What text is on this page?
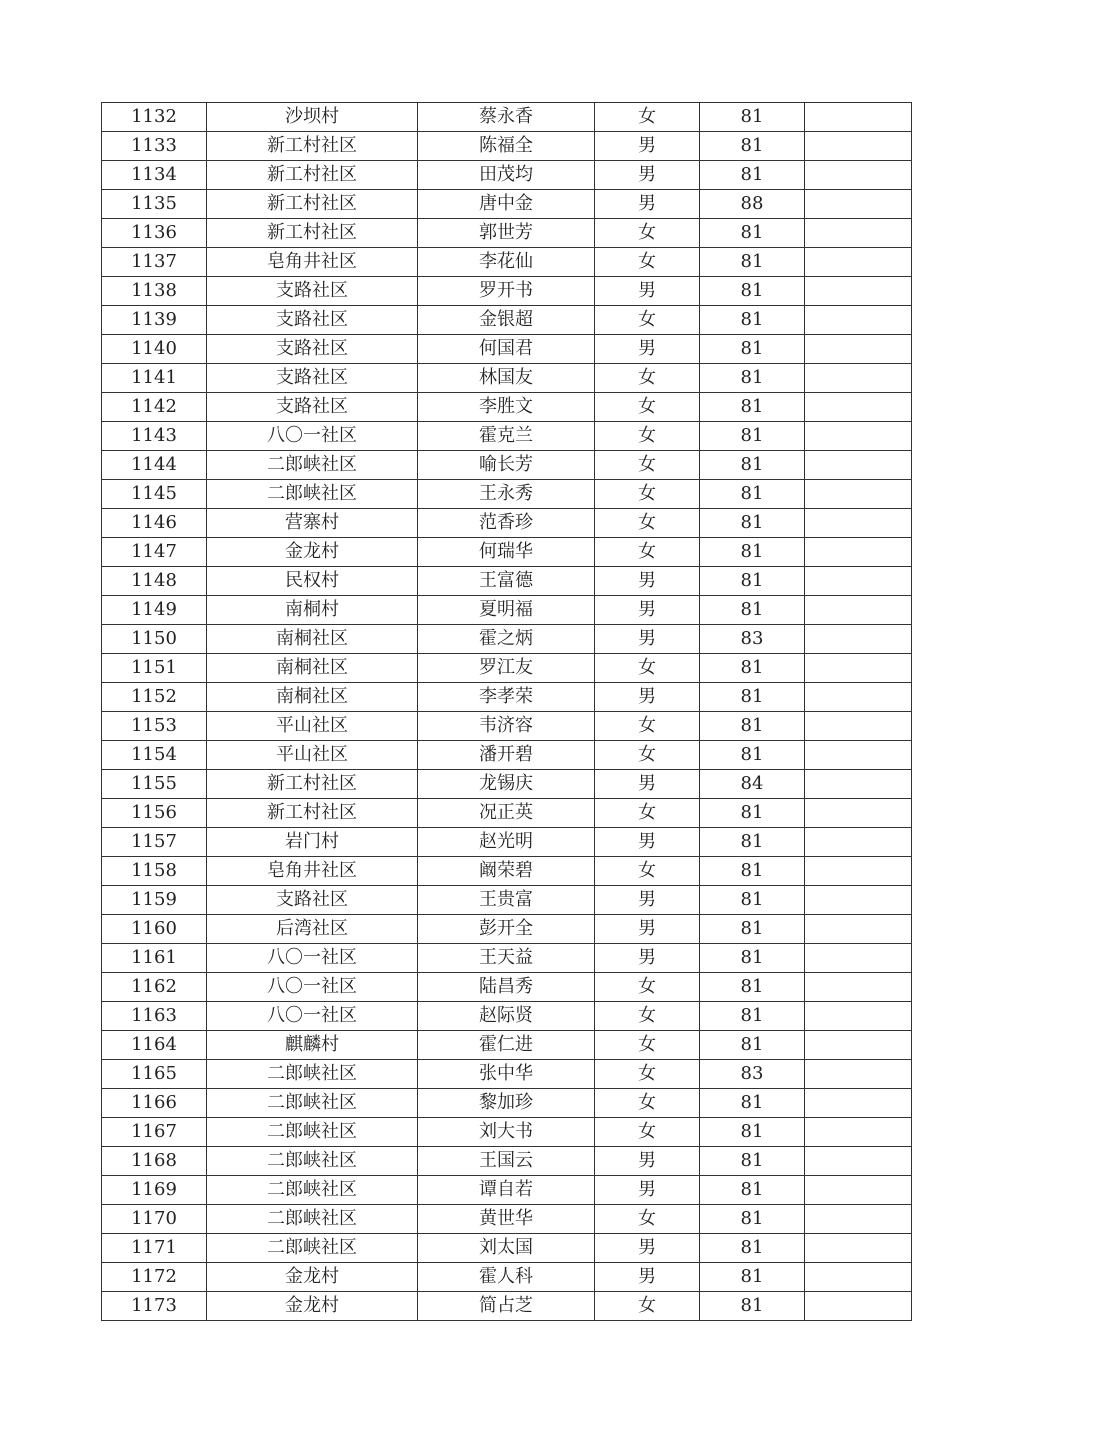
1132	沙坝村	蔡永香	女	81	
1133	新工村社区	陈福全	男	81	
1134	新工村社区	田茂均	男	81	
1135	新工村社区	唐中金	男	88	
1136	新工村社区	郭世芳	女	81	
1137	皂角井社区	李花仙	女	81	
1138	支路社区	罗开书	男	81	
1139	支路社区	金银超	女	81	
1140	支路社区	何国君	男	81	
1141	支路社区	林国友	女	81	
1142	支路社区	李胜文	女	81	
1143	八〇一社区	霍克兰	女	81	
1144	二郎峡社区	喻长芳	女	81	
1145	二郎峡社区	王永秀	女	81	
1146	营寨村	范香珍	女	81	
1147	金龙村	何瑞华	女	81	
1148	民权村	王富德	男	81	
1149	南桐村	夏明福	男	81	
1150	南桐社区	霍之炳	男	83	
1151	南桐社区	罗江友	女	81	
1152	南桐社区	李孝荣	男	81	
1153	平山社区	韦济容	女	81	
1154	平山社区	潘开碧	女	81	
1155	新工村社区	龙锡庆	男	84	
1156	新工村社区	况正英	女	81	
1157	岩门村	赵光明	男	81	
1158	皂角井社区	阚荣碧	女	81	
1159	支路社区	王贵富	男	81	
1160	后湾社区	彭开全	男	81	
1161	八〇一社区	王天益	男	81	
1162	八〇一社区	陆昌秀	女	81	
1163	八〇一社区	赵际贤	女	81	
1164	麒麟村	霍仁进	女	81	
1165	二郎峡社区	张中华	女	83	
1166	二郎峡社区	黎加珍	女	81	
1167	二郎峡社区	刘大书	女	81	
1168	二郎峡社区	王国云	男	81	
1169	二郎峡社区	谭自若	男	81	
1170	二郎峡社区	黄世华	女	81	
1171	二郎峡社区	刘太国	男	81	
1172	金龙村	霍人科	男	81	
1173	金龙村	简占芝	女	81	
